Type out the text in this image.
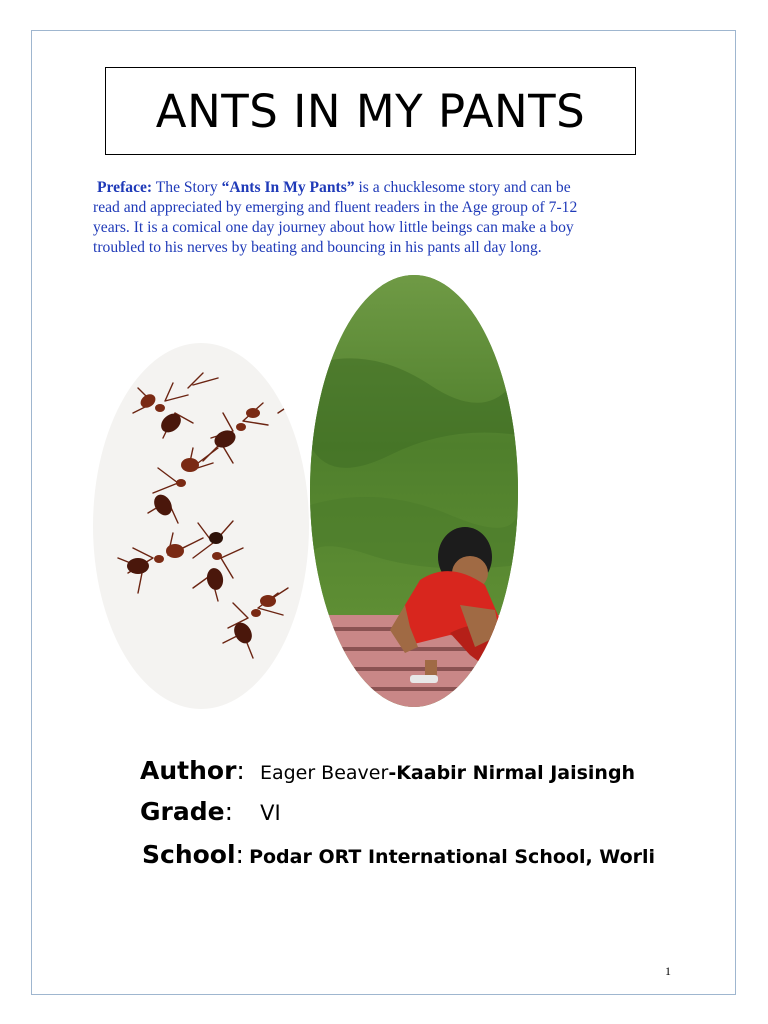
ANTS IN MY PANTS
Preface: The Story “Ants In My Pants” is a chucklesome story and can be
read and appreciated by emerging and fluent readers in the Age group of 7-12
years. It is a comical one day journey about how little beings can make a boy
troubled to his nerves by beating and bouncing in his pants all day long.
Author: Eager Beaver-Kaabir Nirmal Jaisingh
Grade: VI
School: Podar ORT International School, Worli
1
